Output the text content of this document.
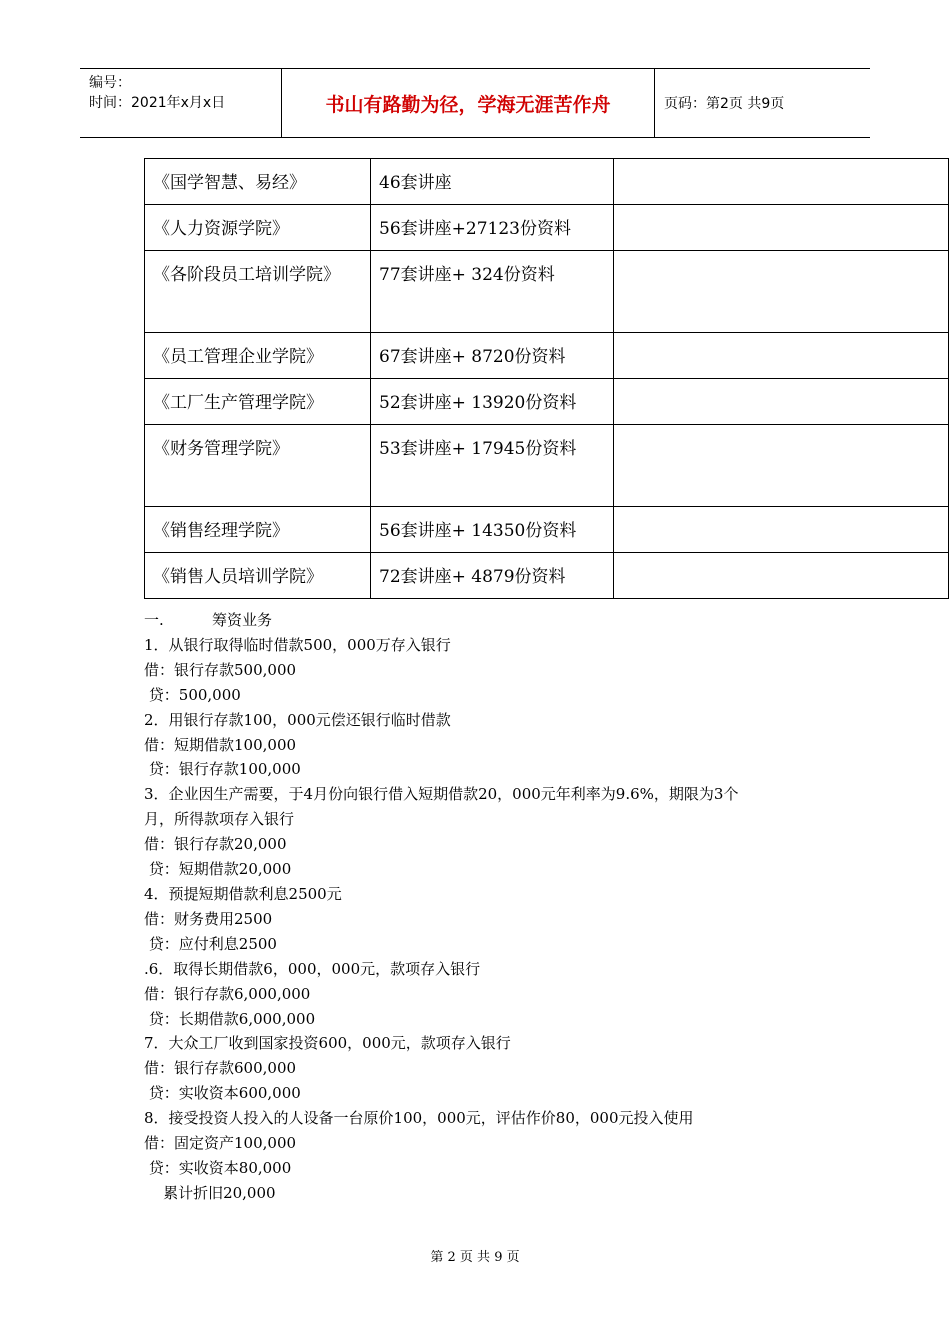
编号：
时间：2021年x月x日	书山有路勤为径，学海无涯苦作舟	页码：第2页 共9页
《国学智慧、易经》	46套讲座	
《人力资源学院》	56套讲座+27123份资料	
《各阶段员工培训学院》	77套讲座+ 324份资料	
《员工管理企业学院》	67套讲座+ 8720份资料	
《工厂生产管理学院》	52套讲座+ 13920份资料	
《财务管理学院》	53套讲座+ 17945份资料	
《销售经理学院》	56套讲座+ 14350份资料	
《销售人员培训学院》	72套讲座+ 4879份资料	

一.	筹资业务

1．从银行取得临时借款500，000万存入银行

借：银行存款500,000

贷：500,000

2．用银行存款100，000元偿还银行临时借款

借：短期借款100,000

贷：银行存款100,000

3．企业因生产需要，于4月份向银行借入短期借款20，000元年利率为9.6%，期限为3个

月，所得款项存入银行

借：银行存款20,000

贷：短期借款20,000

4．预提短期借款利息2500元

借：财务费用2500

贷：应付利息2500

.6．取得长期借款6，000，000元，款项存入银行

借：银行存款6,000,000

贷：长期借款6,000,000

7．大众工厂收到国家投资600，000元，款项存入银行

借：银行存款600,000

贷：实收资本600,000

8．接受投资人投入的人设备一台原价100，000元，评估作价80，000元投入使用

借：固定资产100,000

贷：实收资本80,000

累计折旧20,000

第 2 页 共 9 页
